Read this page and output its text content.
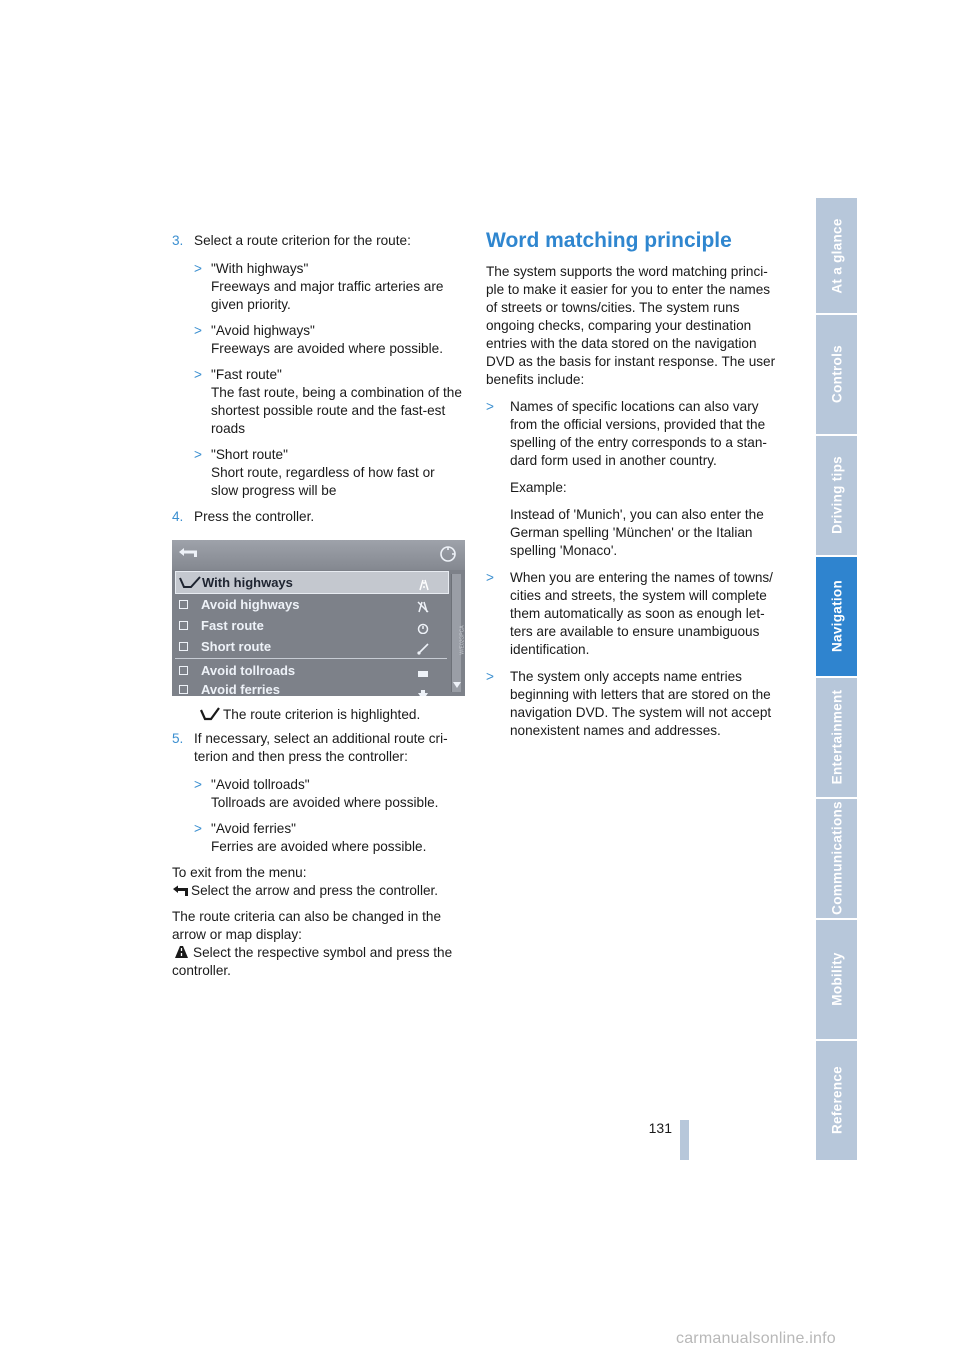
3. Select a route criterion for the route:
> "With highways"

Freeways and major traffic arteries are given priority.

> "Avoid highways"

Freeways are avoided where possible.

> "Fast route"

The fast route, being a combination of the shortest possible route and the fast-est roads

> "Short route"

Short route, regardless of how fast or slow progress will be

4. Press the controller.
With highways
Avoid highways
Fast route
Short route
Avoid tollroads
Avoid ferries
W/E02GPCA

The route criterion is highlighted.

5. If necessary, select an additional route cri-terion and then press the controller:
> "Avoid tollroads"

Tollroads are avoided where possible.

> "Avoid ferries"

Ferries are avoided where possible.

To exit from the menu:

Select the arrow and press the controller.

The route criteria can also be changed in the arrow or map display:

Select the respective symbol and press the controller.

Word matching principle

The system supports the word matching princi-ple to make it easier for you to enter the names of streets or towns/cities. The system runs ongoing checks, comparing your destination entries with the data stored on the navigation DVD as the basis for instant response. The user benefits include:

> Names of specific locations can also vary from the official versions, provided that the spelling of the entry corresponds to a stan-dard form used in another country.

Example:

Instead of 'Munich', you can also enter the German spelling 'München' or the Italian spelling 'Monaco'.

> When you are entering the names of towns/ cities and streets, the system will complete them automatically as soon as enough let-ters are available to ensure unambiguous identification.

> The system only accepts name entries beginning with letters that are stored on the navigation DVD. The system will not accept nonexistent names and addresses.

Reference
Mobility
Communications
Entertainment
Navigation
Driving tips
Controls
At a glance
131
carmanualsonline.info
